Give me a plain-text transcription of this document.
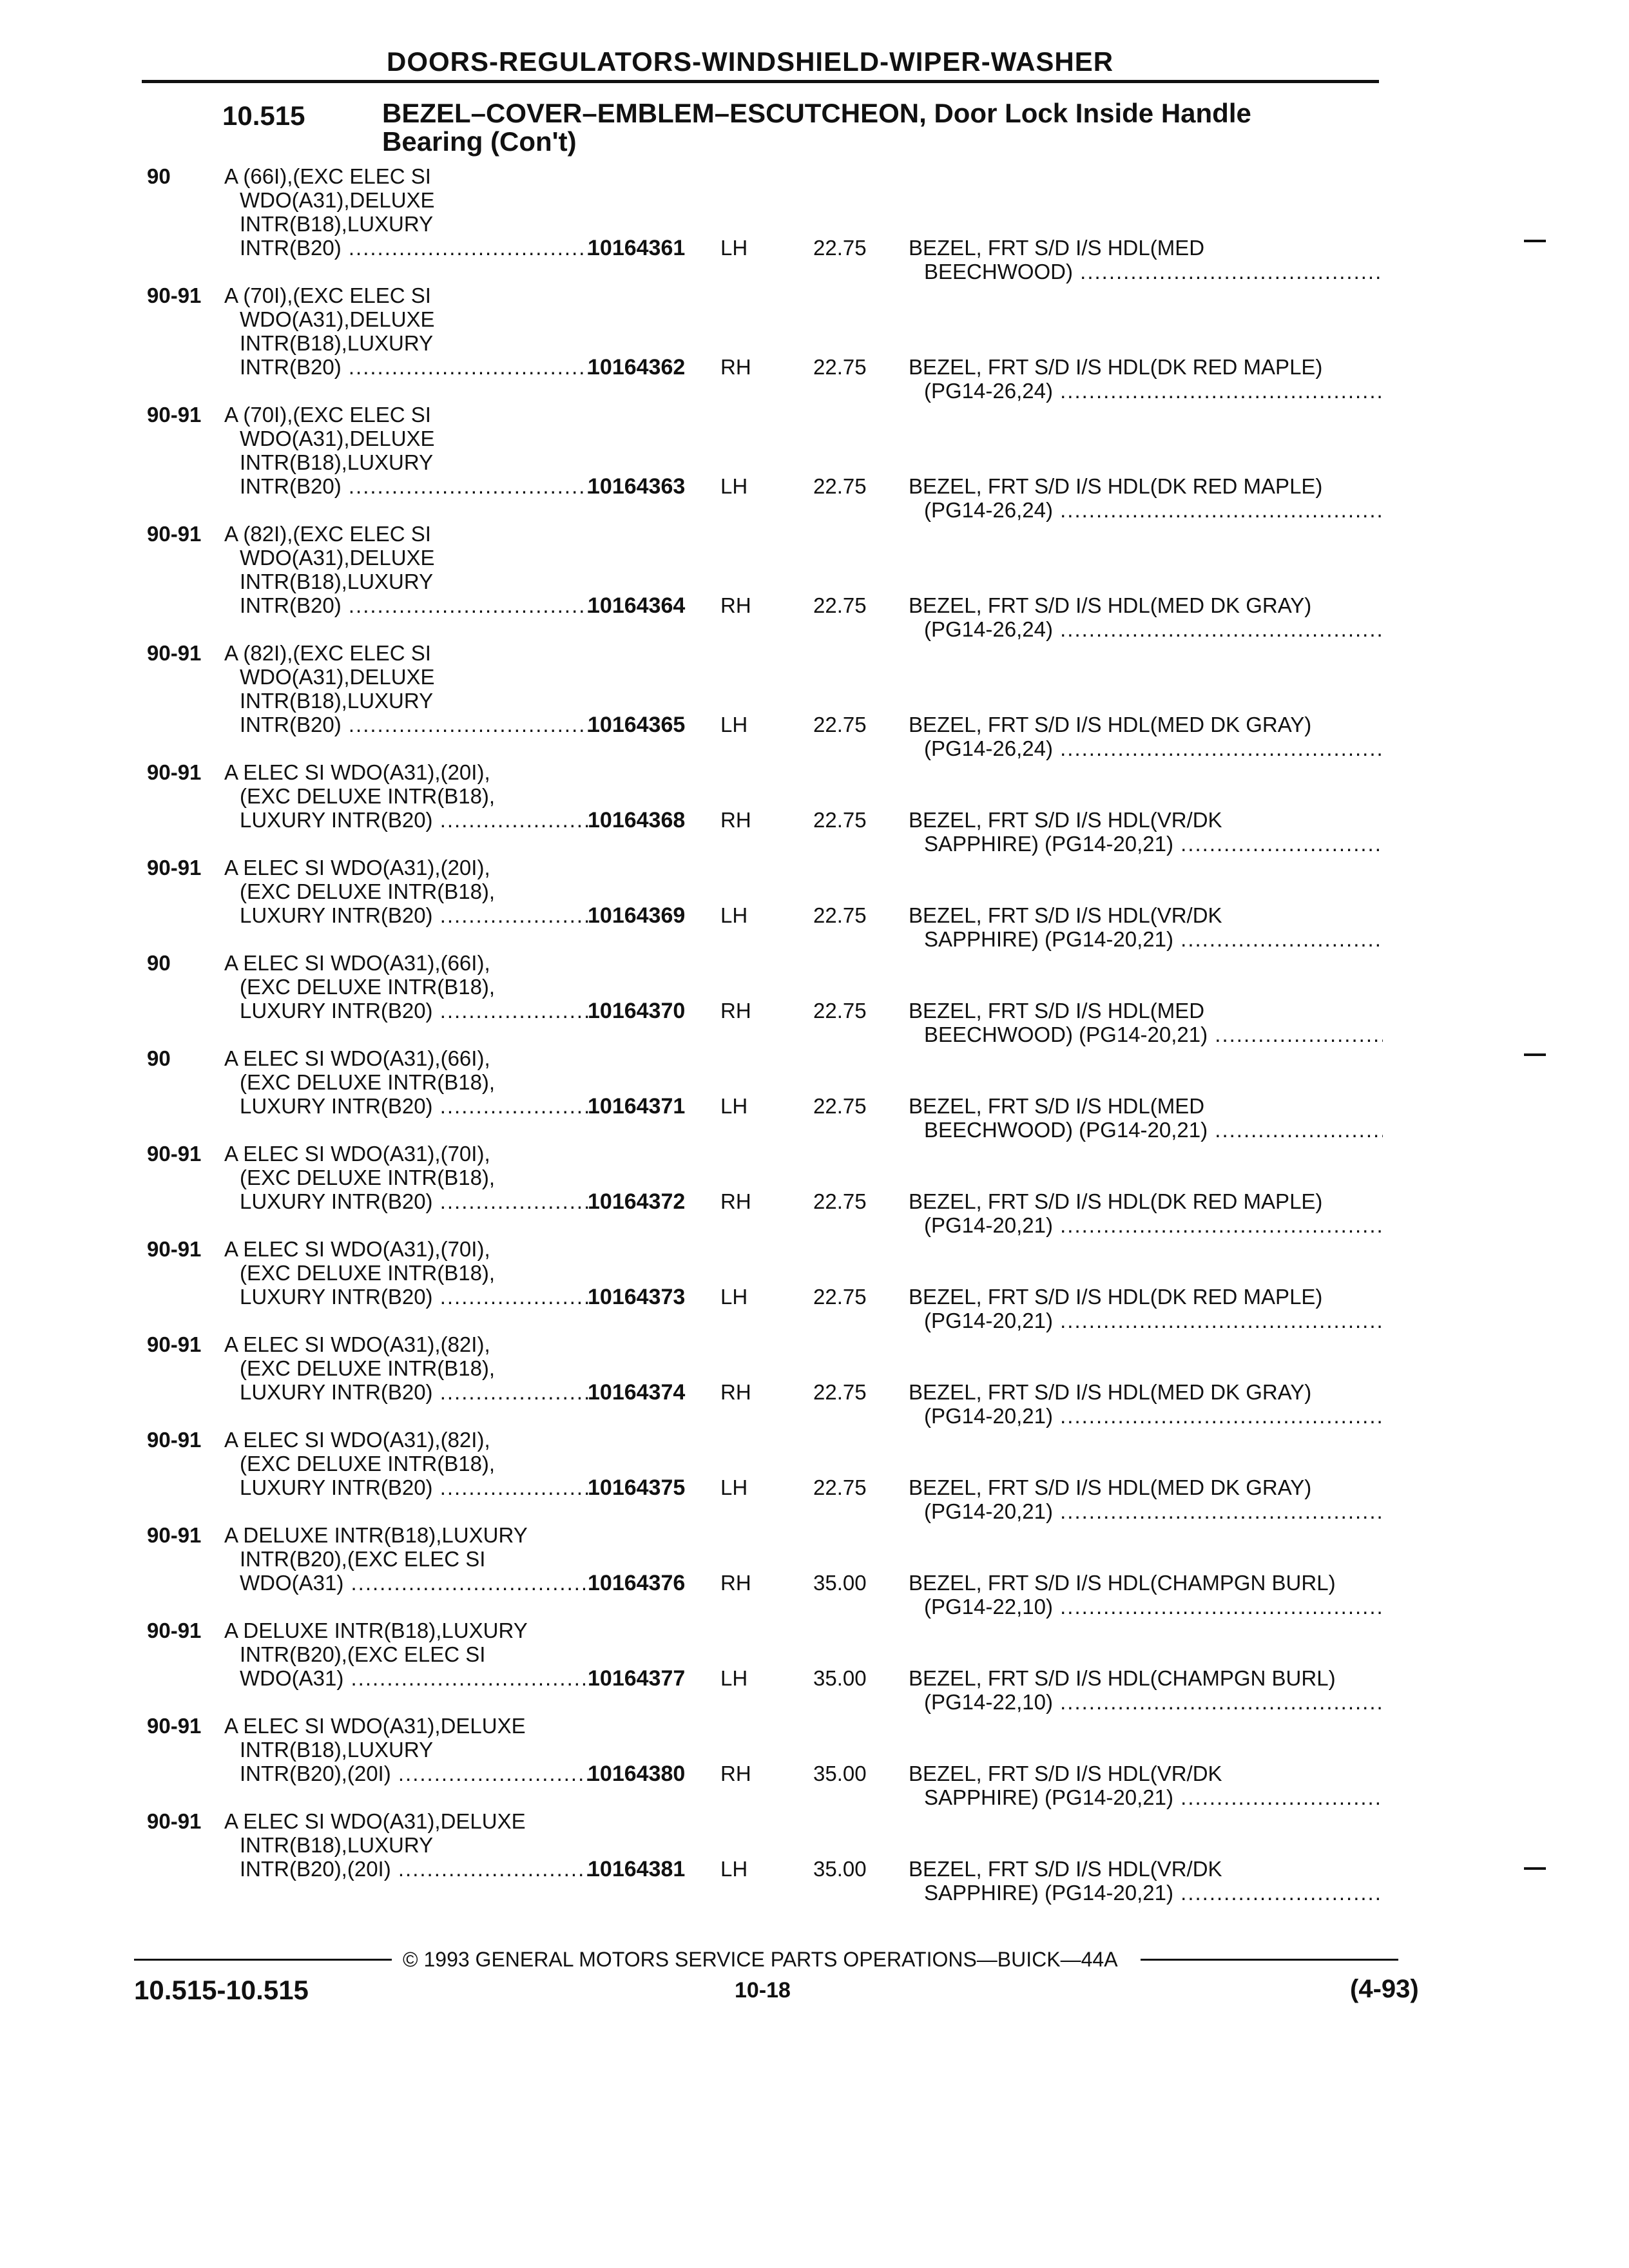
DOORS-REGULATORS-WINDSHIELD-WIPER-WASHER
10.515	BEZEL–COVER–EMBLEM–ESCUTCHEON, Door Lock Inside Handle
Bearing (Con't)
90	A (66I),(EXC ELEC SI
WDO(A31),DELUXE
INTR(B18),LUXURY
INTR(B20) .....	10164361 LH	22.75 BEZEL, FRT S/D I/S HDL(MED
BEECHWOOD) .....
90-91 A (70I),(EXC ELEC SI
WDO(A31),DELUXE
INTR(B18),LUXURY
INTR(B20) .....	10164362 RH	22.75 BEZEL, FRT S/D I/S HDL(DK RED MAPLE)
(PG14-26,24) .....
90-91 A (70I),(EXC ELEC SI
WDO(A31),DELUXE
INTR(B18),LUXURY
INTR(B20) .....	10164363 LH	22.75 BEZEL, FRT S/D I/S HDL(DK RED MAPLE)
(PG14-26,24) .....
90-91 A (82I),(EXC ELEC SI
WDO(A31),DELUXE
INTR(B18),LUXURY
INTR(B20) .....	10164364 RH	22.75 BEZEL, FRT S/D I/S HDL(MED DK GRAY)
(PG14-26,24) .....
90-91 A (82I),(EXC ELEC SI
WDO(A31),DELUXE
INTR(B18),LUXURY
INTR(B20) .....	10164365 LH	22.75 BEZEL, FRT S/D I/S HDL(MED DK GRAY)
(PG14-26,24) .....
90-91 A ELEC SI WDO(A31),(20I),
(EXC DELUXE INTR(B18),
LUXURY INTR(B20) .....	10164368 RH	22.75 BEZEL, FRT S/D I/S HDL(VR/DK
SAPPHIRE) (PG14-20,21) .....
90-91 A ELEC SI WDO(A31),(20I),
(EXC DELUXE INTR(B18),
LUXURY INTR(B20) .....	10164369 LH	22.75 BEZEL, FRT S/D I/S HDL(VR/DK
SAPPHIRE) (PG14-20,21) .....
90	A ELEC SI WDO(A31),(66I),
(EXC DELUXE INTR(B18),
LUXURY INTR(B20) .....	10164370 RH	22.75 BEZEL, FRT S/D I/S HDL(MED
BEECHWOOD) (PG14-20,21) .....
90	A ELEC SI WDO(A31),(66I),
(EXC DELUXE INTR(B18),
LUXURY INTR(B20) .....	10164371 LH	22.75 BEZEL, FRT S/D I/S HDL(MED
BEECHWOOD) (PG14-20,21) .....
90-91 A ELEC SI WDO(A31),(70I),
(EXC DELUXE INTR(B18),
LUXURY INTR(B20) .....	10164372 RH	22.75 BEZEL, FRT S/D I/S HDL(DK RED MAPLE)
(PG14-20,21) .....
90-91 A ELEC SI WDO(A31),(70I),
(EXC DELUXE INTR(B18),
LUXURY INTR(B20) .....	10164373 LH	22.75 BEZEL, FRT S/D I/S HDL(DK RED MAPLE)
(PG14-20,21) .....
90-91 A ELEC SI WDO(A31),(82I),
(EXC DELUXE INTR(B18),
LUXURY INTR(B20) .....	10164374 RH	22.75 BEZEL, FRT S/D I/S HDL(MED DK GRAY)
(PG14-20,21) .....
90-91 A ELEC SI WDO(A31),(82I),
(EXC DELUXE INTR(B18),
LUXURY INTR(B20) .....	10164375 LH	22.75 BEZEL, FRT S/D I/S HDL(MED DK GRAY)
(PG14-20,21) .....
90-91 A DELUXE INTR(B18),LUXURY
INTR(B20),(EXC ELEC SI
WDO(A31) .....	10164376 RH	35.00 BEZEL, FRT S/D I/S HDL(CHAMPGN BURL)
(PG14-22,10) .....
90-91 A DELUXE INTR(B18),LUXURY
INTR(B20),(EXC ELEC SI
WDO(A31) .....	10164377 LH	35.00 BEZEL, FRT S/D I/S HDL(CHAMPGN BURL)
(PG14-22,10) .....
90-91 A ELEC SI WDO(A31),DELUXE
INTR(B18),LUXURY
INTR(B20),(20I) .....	10164380 RH	35.00 BEZEL, FRT S/D I/S HDL(VR/DK
SAPPHIRE) (PG14-20,21) .....
90-91 A ELEC SI WDO(A31),DELUXE
INTR(B18),LUXURY
INTR(B20),(20I) .....	10164381 LH	35.00 BEZEL, FRT S/D I/S HDL(VR/DK
SAPPHIRE) (PG14-20,21) .....
© 1993 GENERAL MOTORS SERVICE PARTS OPERATIONS—BUICK—44A
10.515-10.515	10-18	(4-93)
